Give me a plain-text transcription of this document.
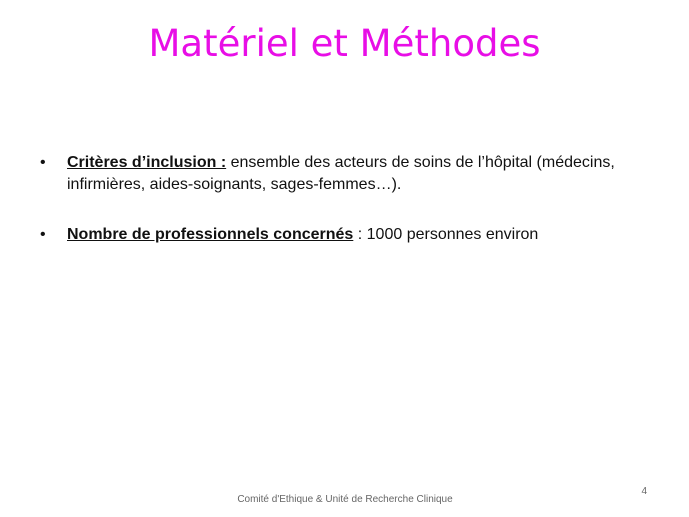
Matériel et Méthodes
• Critères d’inclusion : ensemble des acteurs de soins de l’hôpital (médecins, infirmières, aides-soignants, sages-femmes…).
• Nombre de professionnels concernés : 1000 personnes environ
Comité d'Ethique & Unité de Recherche Clinique
4
